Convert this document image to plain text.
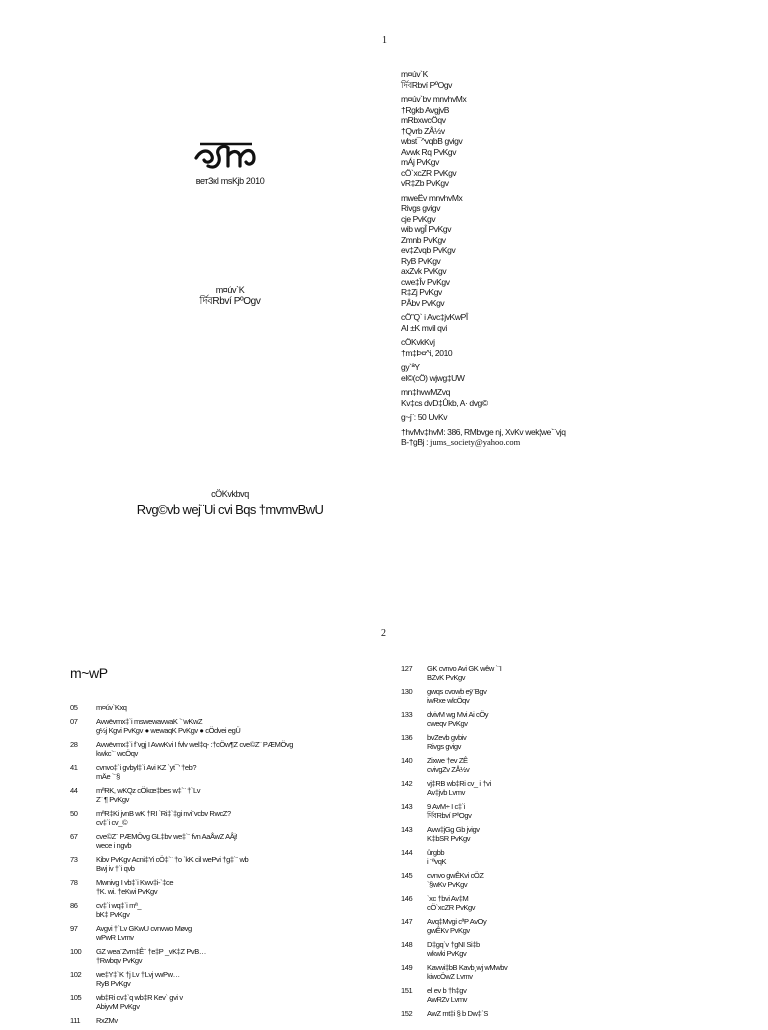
1
ветЗкI msKjb 2010
m¤úv`K
ৰ্দিবRbví PºOgv
cÖKvkbvq
Rvg©vb wej¨Ui cvi Bqs †mvmvBwU
m¤úv`K
ৰ্দিবRbví PºOgv
m¤úv`bv mnvhvMx
†Rgkb AvgjvB
mRbxwcÖqv
†Qvrb ZÅ½v
wbst¯^vqbB gvigv
Avwk Rq PvKgv
mÁj PvKgv
cÖ`xcZR PvKgv
vR‡Zb PvKgv
mweËv mnvhvMx
Rivgs gvigv
cje PvKgv
wib wgÎ PvKgv
Zmnb PvKgv
ev‡Zvqb PvKgv
RyB PvKgv
axZvk PvKgv
cwe‡Îv PvKgv
R‡Zj PvKgv
PÂbv PvKgv
cÖ”Q` i Avc‡jvKwPÎ
AI ±K mvil qvi
cÖKvkKvj
†m‡Þ¤^i, 2010
gy`ªY
el©(cÖ) wjwg‡UW
mn‡hvwMZvq
Kv‡cs dvD‡Ûkb, A· dvg©
g~j¨: 50 UvKv
†hvMv‡hvM: 386, RMbvge nj, XvKv wek¦we`¨vjq
B-†gBj : jums_society@yahoo.com
2
m~wP
05	m¤úv`Kxq
07	Avwëvmx‡`i mswewavwaK `¨wKwZ
g½j Kgvi PvKgv ● wewaqK PvKgv ● cÖdvei egÜ
28	Avwëvmx‡`i f¨vgj I AvwKvi I fvlv wel‡q- :†cÖw¶Z cve©Z¨ PÆMÖvg
kwkc`¨ wcÖqv
41	cvnvo‡`i gvbyl‡`i Avi KZ `yt¯’ †eb?
mÄe `¨§
44	mªRK, wKQz cÖkœ‡bes w‡`¨ †`Lv
Z¨ ¶ PvKgv
50	mªR‡Ki jvnB wK †RI `Ri‡`‡gi nvi¨vcbv RwcZ?
cv‡`i cv_©
67	cve©Z¨ PÆMÖvg GL‡bv we‡`¨ fvn AaÅwZ AÂj!
wece i ngvb
73	Kibv PvKgv Acni‡Yi cÖ‡`¨ †o `kK cil wePvi †g‡`¨ wb
Bwj iv †`i qvb
78	Mwnivg I vb‡`i Kwv‡i-`‡ce
†K. wi. †eKwi PvKgv
86	cv‡`i wq‡`i mª_
bK‡ PvKgv
97	Avgvi †`Lv GKwU cvnvwo Møvg
wPwR Lvmv
100	GZ wea¨Zvm‡Ê¨ †e‡P _vK‡Z PvB…
†Rwbqv PvKgv
102	we‡Y‡`K †j Lv †Lvj vwPw…
RyB PvKgv
105	wb‡Ri cv‡`q wb‡R Kev` gvi v
AbiyvM PvKgv
111	RxZMv
127	GK cvnvo Avi GK wêw `¨I
BZvK PvKgv
130	gwqs cvowb eÿ¨Bgv
iwRxe wlcÖqv
133	dvivM wg Mvi Ai cÖy
cweqv PvKgv
136	bvZevb gvbiv
Rivgs gvigv
140	Zixwe †ev ZÊ
cvivgZv ZÅ½v
142	vj‡RB wb‡Ri cv_ i †vi
Av‡jvb Lvmv
143	9 AvM÷ I c‡`i
ৰ্দিবRbví PºOgv
143	Avw‡jGg Gb jvigv
K‡bSR PvKgv
144	ûrgbb
i ¨ªvqK
145	cvnvo gwÊKvi cÖZ
`§wKv PvKgv
146	`xc †bvi Av‡M
cÖ`xcZR PvKgv
147	Avq‡Mvgi cªP AvOy
gwÊKv PvKgv
148	D‡gq`v †gNI Si‡b
wkwki PvKgv
149	Kavwi‡bB Kavb¸wj wMwbv
kiwcÖwZ Lvmv
151	el ev b †h‡gv
AwRZv Lvmv
152	AwZ mt‡i § b Dw‡`S
